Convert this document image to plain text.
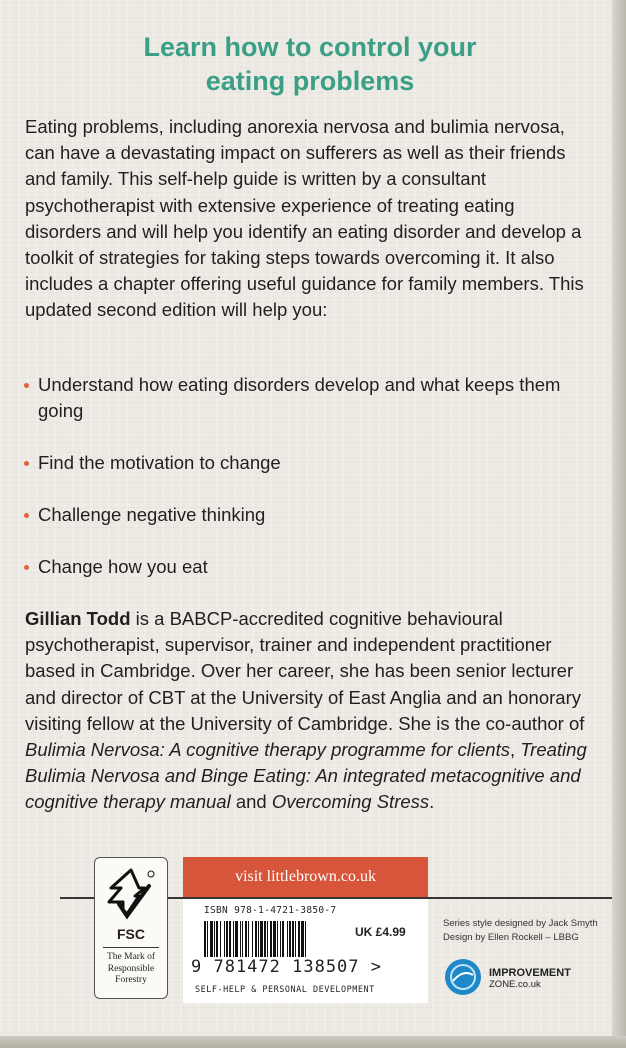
Learn how to control your
eating problems

Eating problems, including anorexia nervosa and bulimia nervosa, can have a devastating impact on sufferers as well as their friends and family. This self-help guide is written by a consultant psychotherapist with extensive experience of treating eating disorders and will help you identify an eating disorder and develop a toolkit of strategies for taking steps towards overcoming it. It also includes a chapter offering useful guidance for family members. This updated second edition will help you:

Understand how eating disorders develop and what keeps them going
Find the motivation to change
Challenge negative thinking
Change how you eat

Gillian Todd is a BABCP-accredited cognitive behavioural psychotherapist, supervisor, trainer and independent practitioner based in Cambridge. Over her career, she has been senior lecturer and director of CBT at the University of East Anglia and an honorary visiting fellow at the University of Cambridge. She is the co-author of Bulimia Nervosa: A cognitive therapy programme for clients, Treating Bulimia Nervosa and Binge Eating: An integrated metacognitive and cognitive therapy manual and Overcoming Stress.

FSC
The Mark of
Responsible
Forestry
visit littlebrown.co.uk
ISBN 978-1-4721-3850-7
UK £4.99
9 781472 138507 >
SELF-HELP & PERSONAL DEVELOPMENT
Series style designed by Jack Smyth
Design by Ellen Rockell – LBBG
IMPROVEMENT
ZONE.co.uk
